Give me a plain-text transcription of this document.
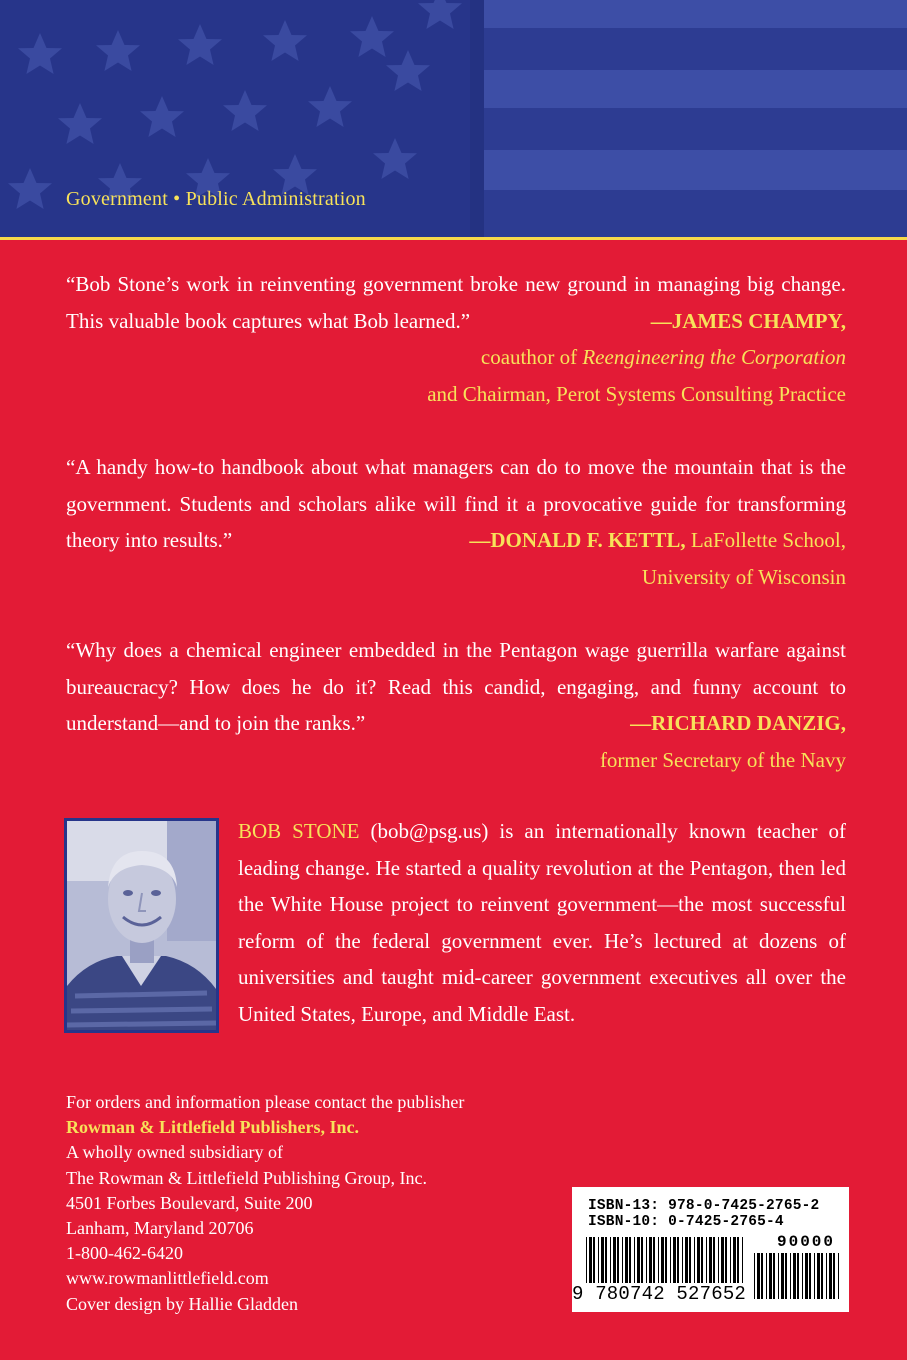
Government • Public Administration
“Bob Stone’s work in reinventing government broke new ground in managing big change. This valuable book captures what Bob learned.”	—JAMES CHAMPY,
coauthor of Reengineering the Corporation
and Chairman, Perot Systems Consulting Practice
“A handy how-to handbook about what managers can do to move the mountain that is the government. Students and scholars alike will find it a provocative guide for transforming theory into results.”	—DONALD F. KETTL, LaFollette School,
University of Wisconsin
“Why does a chemical engineer embedded in the Pentagon wage guerrilla warfare against bureaucracy? How does he do it? Read this candid, engaging, and funny account to understand—and to join the ranks.”	—RICHARD DANZIG,
former Secretary of the Navy
BOB STONE (bob@psg.us) is an internationally known teacher of leading change. He started a quality revolution at the Pentagon, then led the White House project to reinvent government—the most successful reform of the federal government ever. He’s lectured at dozens of universities and taught mid-career government executives all over the United States, Europe, and Middle East.
For orders and information please contact the publisher
Rowman & Littlefield Publishers, Inc.
A wholly owned subsidiary of
The Rowman & Littlefield Publishing Group, Inc.
4501 Forbes Boulevard, Suite 200
Lanham, Maryland 20706
1-800-462-6420
www.rowmanlittlefield.com
Cover design by Hallie Gladden
ISBN-13: 978-0-7425-2765-2
ISBN-10: 0-7425-2765-4
90000
9 780742 527652
